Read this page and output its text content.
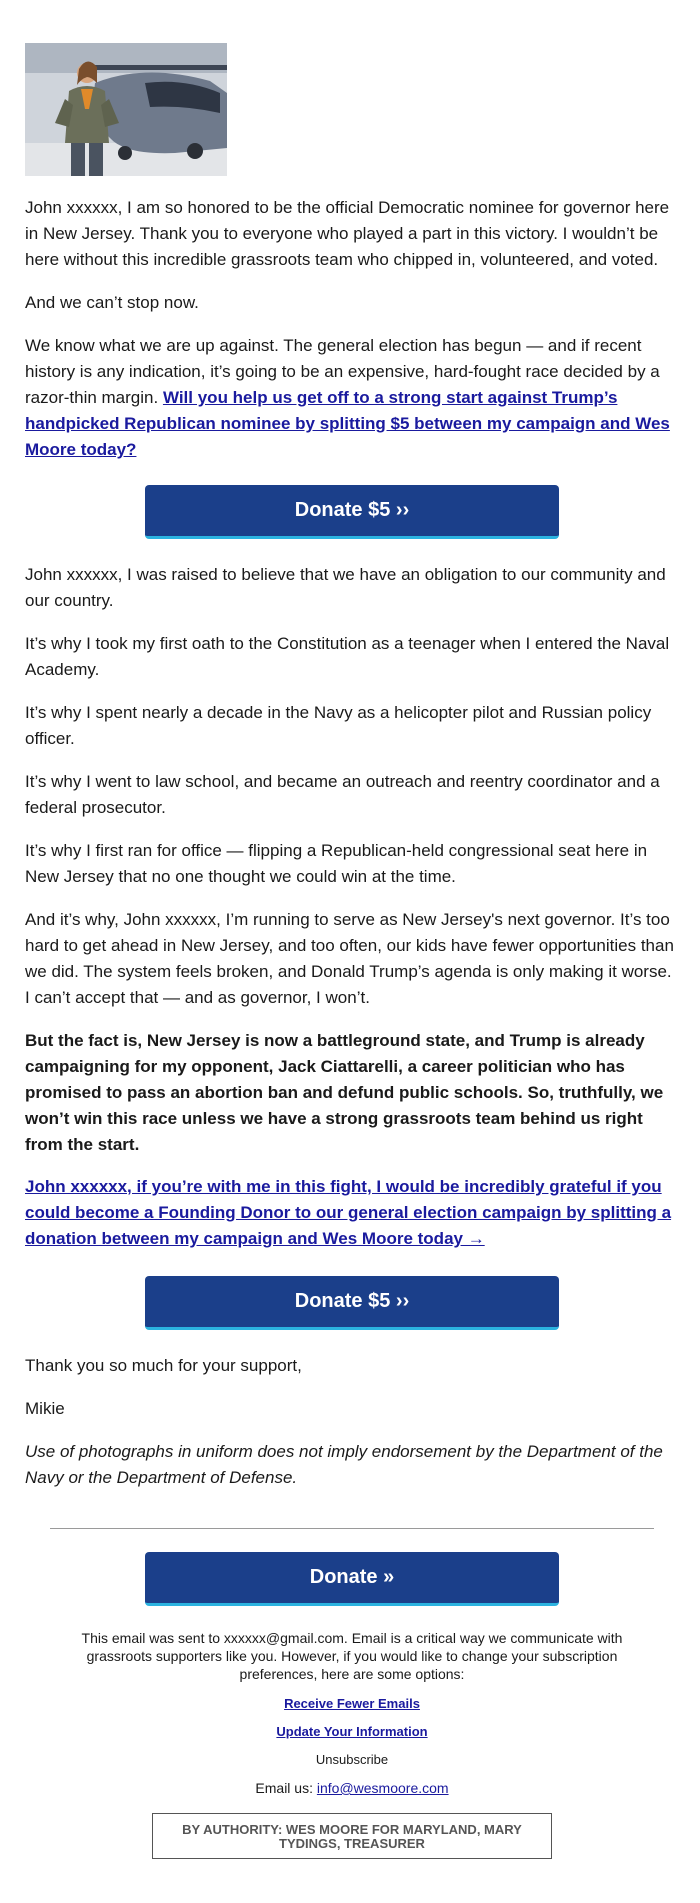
John xxxxxx, I am so honored to be the official Democratic nominee for governor here in New Jersey. Thank you to everyone who played a part in this victory. I wouldn’t be here without this incredible grassroots team who chipped in, volunteered, and voted.

And we can’t stop now.

We know what we are up against. The general election has begun — and if recent history is any indication, it’s going to be an expensive, hard-fought race decided by a razor-thin margin. Will you help us get off to a strong start against Trump’s handpicked Republican nominee by splitting $5 between my campaign and Wes Moore today?

Donate $5 ››

John xxxxxx, I was raised to believe that we have an obligation to our community and our country.

It’s why I took my first oath to the Constitution as a teenager when I entered the Naval Academy.

It’s why I spent nearly a decade in the Navy as a helicopter pilot and Russian policy officer.

It’s why I went to law school, and became an outreach and reentry coordinator and a federal prosecutor.

It’s why I first ran for office — flipping a Republican-held congressional seat here in New Jersey that no one thought we could win at the time.

And it’s why, John xxxxxx, I’m running to serve as New Jersey's next governor. It’s too hard to get ahead in New Jersey, and too often, our kids have fewer opportunities than we did. The system feels broken, and Donald Trump’s agenda is only making it worse. I can’t accept that — and as governor, I won’t.

But the fact is, New Jersey is now a battleground state, and Trump is already campaigning for my opponent, Jack Ciattarelli, a career politician who has promised to pass an abortion ban and defund public schools. So, truthfully, we won’t win this race unless we have a strong grassroots team behind us right from the start.

John xxxxxx, if you’re with me in this fight, I would be incredibly grateful if you could become a Founding Donor to our general election campaign by splitting a donation between my campaign and Wes Moore today →

Donate $5 ››

Thank you so much for your support,

Mikie

Use of photographs in uniform does not imply endorsement by the Department of the Navy or the Department of Defense.

Donate »
This email was sent to xxxxxx@gmail.com. Email is a critical way we communicate with grassroots supporters like you. However, if you would like to change your subscription preferences, here are some options:
Receive Fewer Emails
Update Your Information
Unsubscribe
Email us: info@wesmoore.com
BY AUTHORITY: WES MOORE FOR MARYLAND, MARY TYDINGS, TREASURER
